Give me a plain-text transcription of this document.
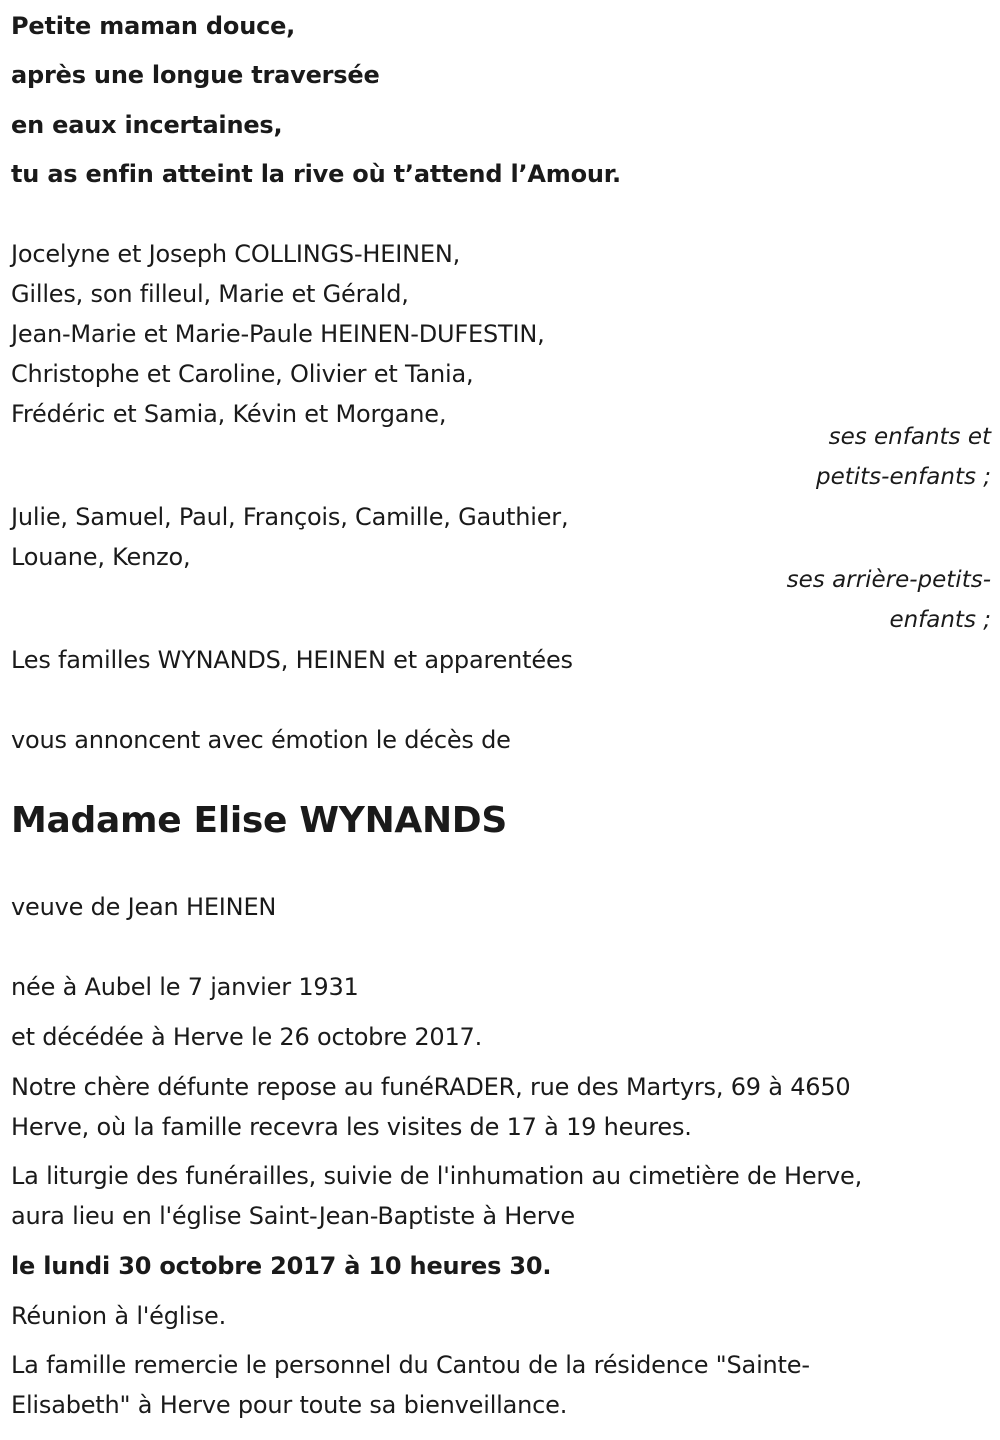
Petite maman douce,
après une longue traversée
en eaux incertaines,
tu as enfin atteint la rive où t’attend l’Amour.
Jocelyne et Joseph COLLINGS-HEINEN,
Gilles, son filleul, Marie et Gérald,
Jean-Marie et Marie-Paule HEINEN-DUFESTIN,
Christophe et Caroline, Olivier et Tania,
Frédéric et Samia, Kévin et Morgane,
ses enfants et
petits-enfants ;
Julie, Samuel, Paul, François, Camille, Gauthier,
Louane, Kenzo,
ses arrière-petits-
enfants ;
Les familles WYNANDS, HEINEN et apparentées
vous annoncent avec émotion le décès de
Madame Elise WYNANDS
veuve de Jean HEINEN
née à Aubel le 7 janvier 1931
et décédée à Herve le 26 octobre 2017.
Notre chère défunte repose au funéRADER, rue des Martyrs, 69 à 4650
Herve, où la famille recevra les visites de 17 à 19 heures.
La liturgie des funérailles, suivie de l'inhumation au cimetière de Herve,
aura lieu en l'église Saint-Jean-Baptiste à Herve
le lundi 30 octobre 2017 à 10 heures 30.
Réunion à l'église.
La famille remercie le personnel du Cantou de la résidence "Sainte-
Elisabeth" à Herve pour toute sa bienveillance.
